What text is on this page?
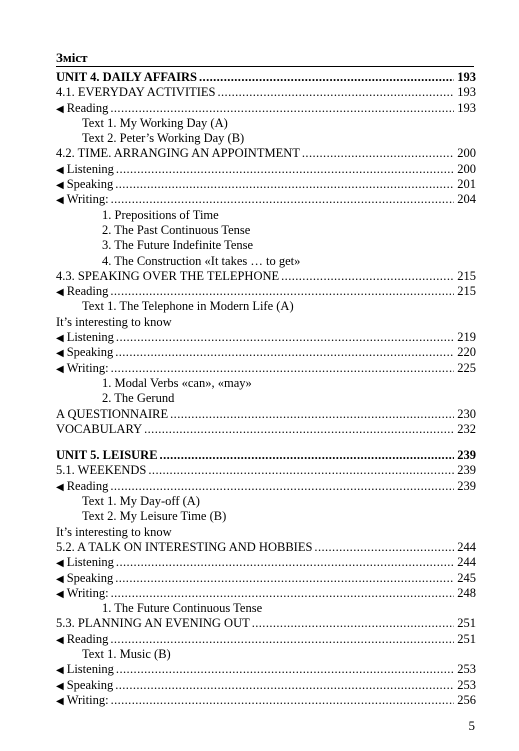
Зміст
UNIT 4. DAILY AFFAIRS .....	193
4.1. EVERYDAY ACTIVITIES .....	193
◀ Reading .....	193
Text 1. My Working Day (A)
Text 2. Peter’s Working Day (B)
4.2. TIME. ARRANGING AN APPOINTMENT .....	200
◀ Listening .....	200
◀ Speaking .....	201
◀ Writing: .....	204
1. Prepositions of Time
2. The Past Continuous Tense
3. The Future Indefinite Tense
4. The Construction «It takes … to get»
4.3. SPEAKING OVER THE TELEPHONE .....	215
◀ Reading .....	215
Text 1. The Telephone in Modern Life (A)
It’s interesting to know
◀ Listening .....	219
◀ Speaking .....	220
◀ Writing: .....	225
1. Modal Verbs «can», «may»
2. The Gerund
A QUESTIONNAIRE .....	230
VOCABULARY .....	232
UNIT 5. LEISURE .....	239
5.1. WEEKENDS .....	239
◀ Reading .....	239
Text 1. My Day-off (A)
Text 2. My Leisure Time (B)
It’s interesting to know
5.2. A TALK ON INTERESTING AND HOBBIES .....	244
◀ Listening .....	244
◀ Speaking .....	245
◀ Writing: .....	248
1. The Future Continuous Tense
5.3. PLANNING AN EVENING OUT .....	251
◀ Reading .....	251
Text 1. Music (B)
◀ Listening .....	253
◀ Speaking .....	253
◀ Writing: .....	256
5
